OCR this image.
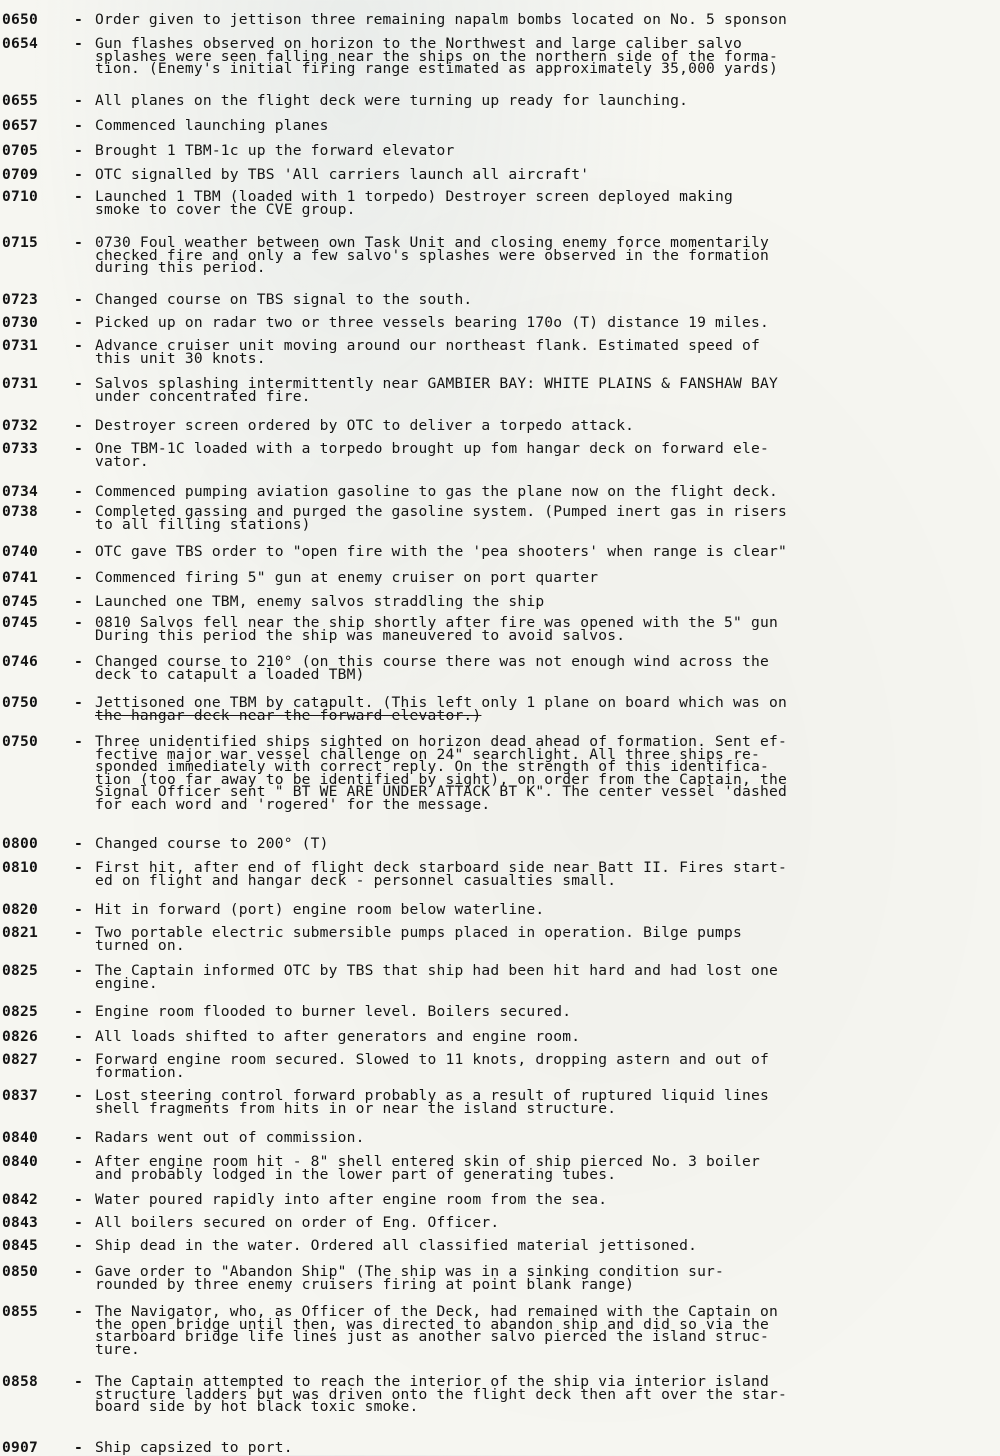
0650	- Order given to jettison three remaining napalm bombs located on No. 5 sponson
0654	- Gun flashes observed on horizon to the Northwest and large caliber salvo
splashes were seen falling near the ships on the northern side of the forma-
tion. (Enemy's initial firing range estimated as approximately 35,000 yards)
0655	- All planes on the flight deck were turning up ready for launching.
0657	- Commenced launching planes
0705	- Brought 1 TBM-1c up the forward elevator
0709	- OTC signalled by TBS 'All carriers launch all aircraft'
0710	- Launched 1 TBM (loaded with 1 torpedo) Destroyer screen deployed making
smoke to cover the CVE group.
0715	- 0730 Foul weather between own Task Unit and closing enemy force momentarily
checked fire and only a few salvo's splashes were observed in the formation
during this period.
0723	- Changed course on TBS signal to the south.
0730	- Picked up on radar two or three vessels bearing 170o (T) distance 19 miles.
0731	- Advance cruiser unit moving around our northeast flank. Estimated speed of
this unit 30 knots.
0731	- Salvos splashing intermittently near GAMBIER BAY: WHITE PLAINS & FANSHAW BAY
under concentrated fire.
0732	- Destroyer screen ordered by OTC to deliver a torpedo attack.
0733	- One TBM-1C loaded with a torpedo brought up fom hangar deck on forward ele-
vator.
0734	- Commenced pumping aviation gasoline to gas the plane now on the flight deck.
0738	- Completed gassing and purged the gasoline system. (Pumped inert gas in risers
to all filling stations)
0740	- OTC gave TBS order to "open fire with the 'pea shooters' when range is clear"
0741	- Commenced firing 5" gun at enemy cruiser on port quarter
0745	- Launched one TBM, enemy salvos straddling the ship
0745	- 0810 Salvos fell near the ship shortly after fire was opened with the 5" gun
During this period the ship was maneuvered to avoid salvos.
0746	- Changed course to 210° (on this course there was not enough wind across the
deck to catapult a loaded TBM)
0750	- Jettisoned one TBM by catapult. (This left only 1 plane on board which was on
the hangar deck near the forward elevator.)
0750	- Three unidentified ships sighted on horizon dead ahead of formation. Sent ef-
fective major war vessel challenge on 24" searchlight. All three ships re-
sponded immediately with correct reply. On the strength of this identifica-
tion (too far away to be identified by sight), on order from the Captain, the
Signal Officer sent " BT WE ARE UNDER ATTACK BT K". The center vessel 'dashed
for each word and 'rogered' for the message.
0800	- Changed course to 200° (T)
0810	- First hit, after end of flight deck starboard side near Batt II. Fires start-
ed on flight and hangar deck - personnel casualties small.
0820	- Hit in forward (port) engine room below waterline.
0821	- Two portable electric submersible pumps placed in operation. Bilge pumps
turned on.
0825	- The Captain informed OTC by TBS that ship had been hit hard and had lost one
engine.
0825	- Engine room flooded to burner level. Boilers secured.
0826	- All loads shifted to after generators and engine room.
0827	- Forward engine room secured. Slowed to 11 knots, dropping astern and out of
formation.
0837	- Lost steering control forward probably as a result of ruptured liquid lines
shell fragments from hits in or near the island structure.
0840	- Radars went out of commission.
0840	- After engine room hit - 8" shell entered skin of ship pierced No. 3 boiler
and probably lodged in the lower part of generating tubes.
0842	- Water poured rapidly into after engine room from the sea.
0843	- All boilers secured on order of Eng. Officer.
0845	- Ship dead in the water. Ordered all classified material jettisoned.
0850	- Gave order to "Abandon Ship" (The ship was in a sinking condition sur-
rounded by three enemy cruisers firing at point blank range)
0855	- The Navigator, who, as Officer of the Deck, had remained with the Captain on
the open bridge until then, was directed to abandon ship and did so via the
starboard bridge life lines just as another salvo pierced the island struc-
ture.
0858	- The Captain attempted to reach the interior of the ship via interior island
structure ladders but was driven onto the flight deck then aft over the star-
board side by hot black toxic smoke.
0907	- Ship capsized to port.
